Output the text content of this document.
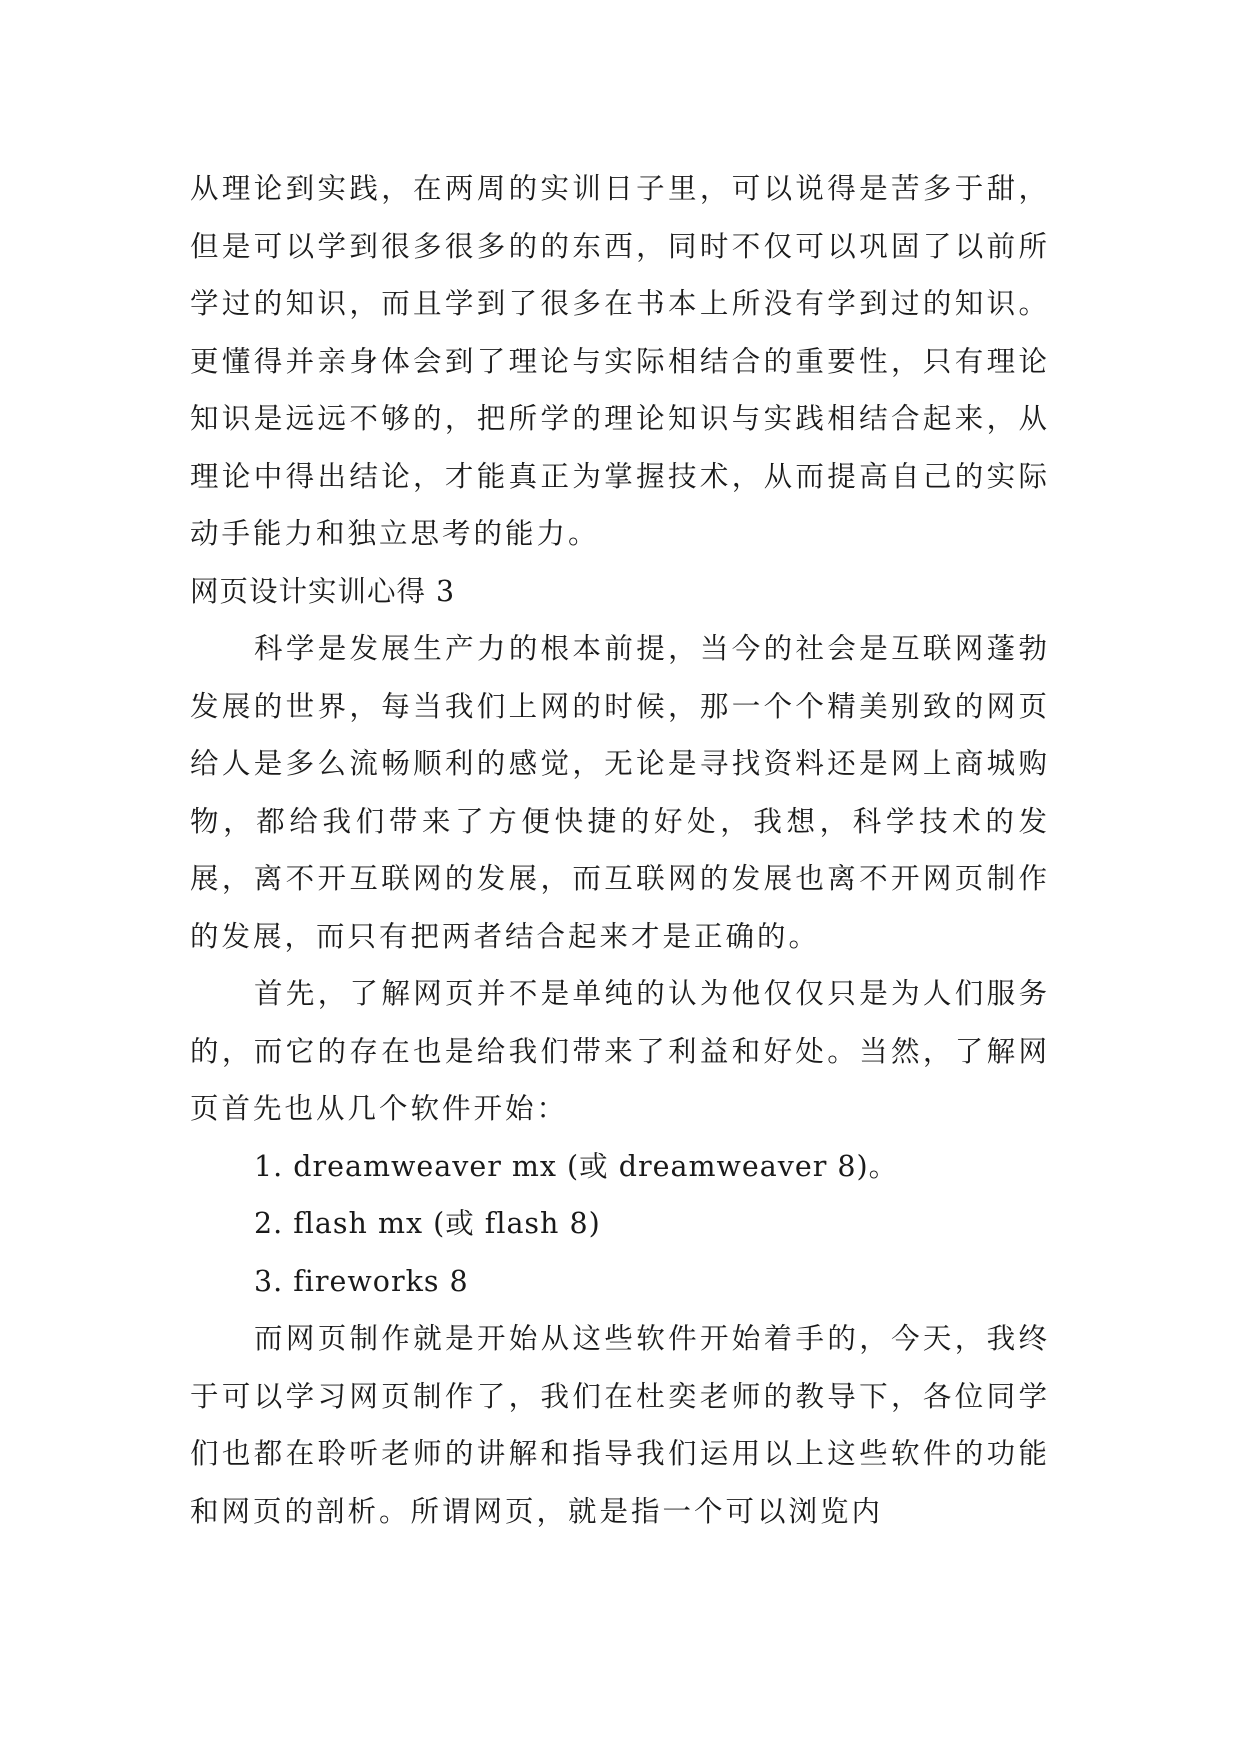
从理论到实践，在两周的实训日子里，可以说得是苦多于甜，但是可以学到很多很多的的东西，同时不仅可以巩固了以前所学过的知识，而且学到了很多在书本上所没有学到过的知识。更懂得并亲身体会到了理论与实际相结合的重要性，只有理论知识是远远不够的，把所学的理论知识与实践相结合起来，从理论中得出结论，才能真正为掌握技术，从而提高自己的实际动手能力和独立思考的能力。

网页设计实训心得 3

科学是发展生产力的根本前提，当今的社会是互联网蓬勃发展的世界，每当我们上网的时候，那一个个精美别致的网页给人是多么流畅顺利的感觉，无论是寻找资料还是网上商城购物，都给我们带来了方便快捷的好处，我想，科学技术的发展，离不开互联网的发展，而互联网的发展也离不开网页制作的发展，而只有把两者结合起来才是正确的。

首先，了解网页并不是单纯的认为他仅仅只是为人们服务的，而它的存在也是给我们带来了利益和好处。当然，了解网页首先也从几个软件开始：

1. dreamweaver mx (或 dreamweaver 8)。

2. flash mx (或 flash 8)

3. fireworks 8

而网页制作就是开始从这些软件开始着手的，今天，我终于可以学习网页制作了，我们在杜奕老师的教导下，各位同学们也都在聆听老师的讲解和指导我们运用以上这些软件的功能和网页的剖析。所谓网页，就是指一个可以浏览内
